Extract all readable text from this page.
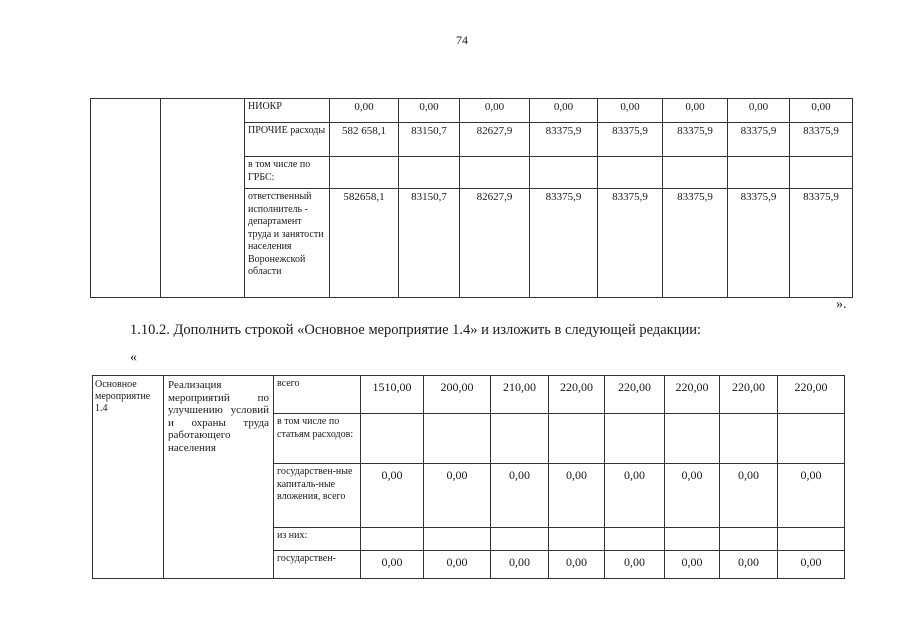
74
		НИОКР	0,00	0,00	0,00	0,00	0,00	0,00	0,00	0,00
		ПРОЧИЕ расходы	582 658,1	83150,7	82627,9	83375,9	83375,9	83375,9	83375,9	83375,9
		в том числе по ГРБС:								
		ответственный исполнитель - департамент труда и занятости населения Воронежской области	582658,1	83150,7	82627,9	83375,9	83375,9	83375,9	83375,9	83375,9
».
1.10.2. Дополнить строкой «Основное мероприятие 1.4» и изложить в следующей редакции:
«
Основное мероприятие 1.4	Реализация мероприятий по улучшению условий и охраны труда работающего населения	всего	1510,00	200,00	210,00	220,00	220,00	220,00	220,00	220,00
		в том числе по статьям расходов:								
		государствен-ные капиталь-ные вложения, всего	0,00	0,00	0,00	0,00	0,00	0,00	0,00	0,00
		из них:								
		государствен-	0,00	0,00	0,00	0,00	0,00	0,00	0,00	0,00
